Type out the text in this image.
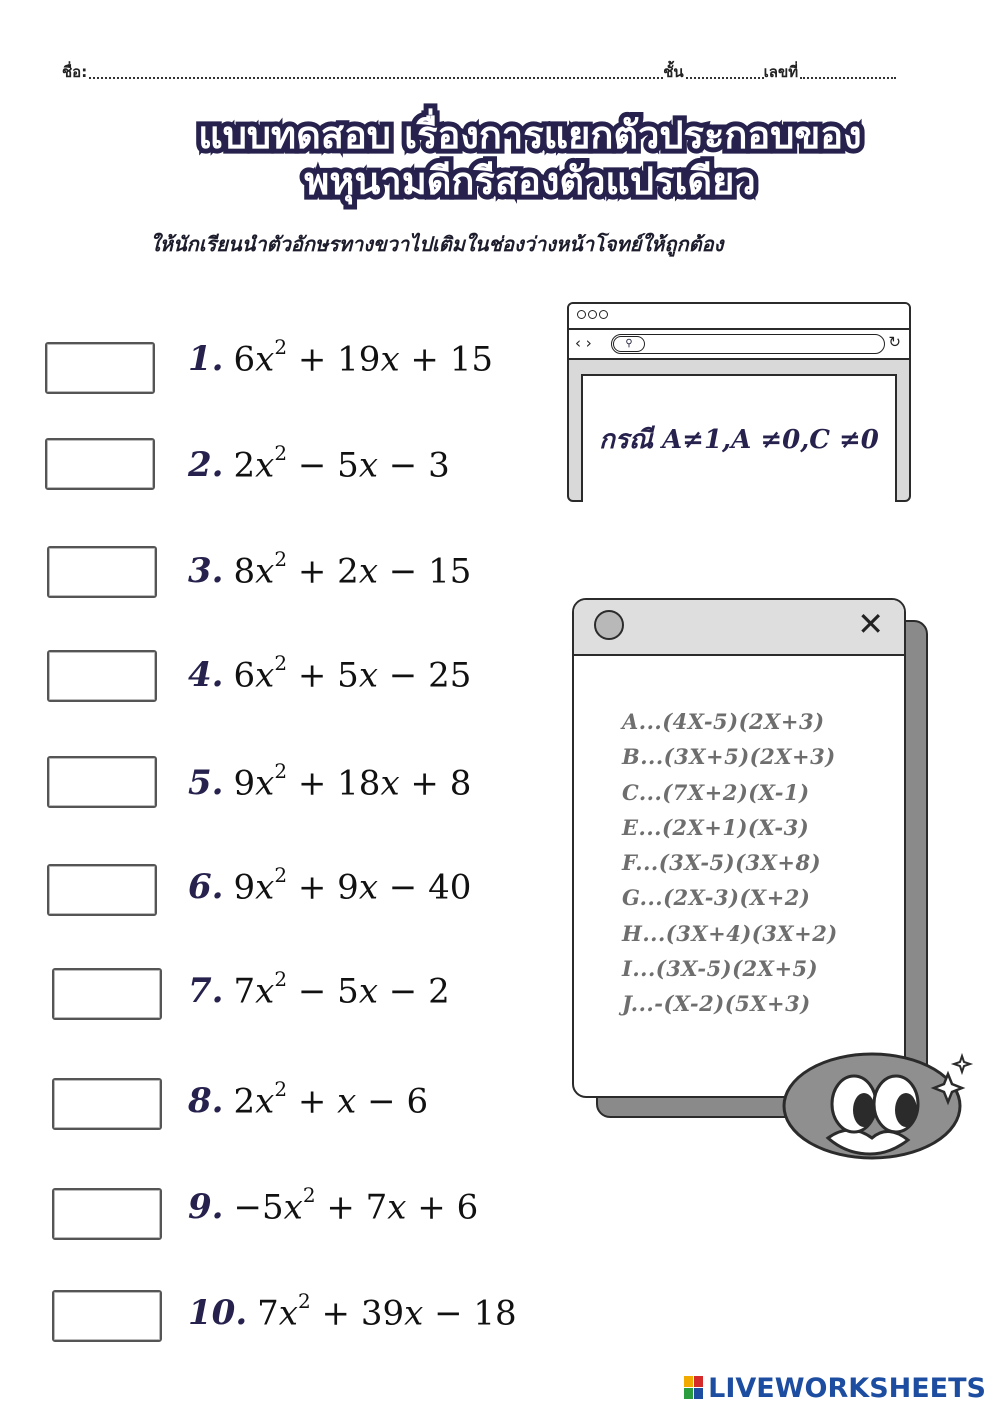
ชื่อ:	ชั้น	เลขที่
แบบทดสอบ เรื่องการแยกตัวประกอบของ
พหุนามดีกรีสองตัวแปรเดียว
ให้นักเรียนนำตัวอักษรทางขวาไปเติมในช่องว่างหน้าโจทย์ให้ถูกต้อง
1. $6x^2 + 19x + 15$
2. $2x^2 - 5x - 3$
3. $8x^2 + 2x - 15$
4. $6x^2 + 5x - 25$
5. $9x^2 + 18x + 8$
6. $9x^2 + 9x - 40$
7. $7x^2 - 5x - 2$
8. $2x^2 + x - 6$
9. $-5x^2 + 7x + 6$
10. $7x^2 + 39x - 18$
‹ ›	⚲	↻
กรณี A≠1,A ≠0,C ≠0
✕
A...(4X-5)(2X+3)
B...(3X+5)(2X+3)
C...(7X+2)(X-1)
E...(2X+1)(X-3)
F...(3X-5)(3X+8)
G...(2X-3)(X+2)
H...(3X+4)(3X+2)
I...(3X-5)(2X+5)
J...-(X-2)(5X+3)
LIVEWORKSHEETS
